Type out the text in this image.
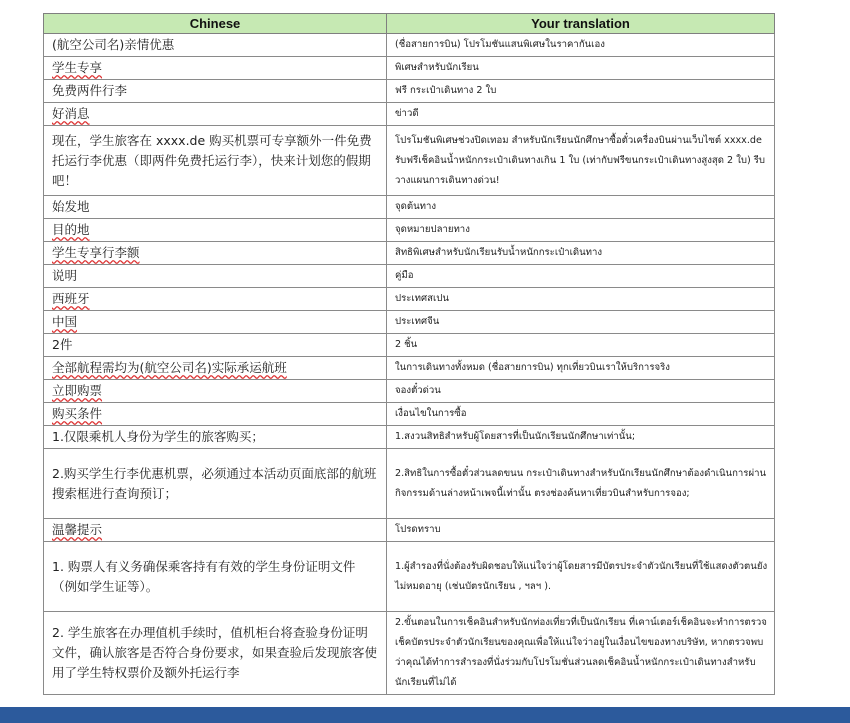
Chinese	Your translation
(航空公司名)亲情优惠	(ชื่อสายการบิน) โปรโมชันแสนพิเศษในราคากันเอง
学生专享	พิเศษสำหรับนักเรียน
免费两件行李	ฟรี กระเป๋าเดินทาง 2 ใบ
好消息	ข่าวดี
现在，学生旅客在 xxxx.de 购买机票可专享额外一件免费托运行李优惠（即两件免费托运行李），快来计划您的假期吧！	โปรโมชันพิเศษช่วงปิดเทอม สำหรับนักเรียนนักศึกษาซื้อตั๋วเครื่องบินผ่านเว็บไซต์ xxxx.de รับฟรีเช็คอินน้ำหนักกระเป๋าเดินทางเกิน 1 ใบ (เท่ากับฟรีขนกระเป๋าเดินทางสูงสุด 2 ใบ) รีบวางแผนการเดินทางด่วน!
始发地	จุดต้นทาง
目的地	จุดหมายปลายทาง
学生专享行李额	สิทธิพิเศษสำหรับนักเรียนรับน้ำหนักกระเป๋าเดินทาง
说明	คู่มือ
西班牙	ประเทศสเปน
中国	ประเทศจีน
2件	2 ชิ้น
全部航程需均为(航空公司名)实际承运航班	ในการเดินทางทั้งหมด (ชื่อสายการบิน) ทุกเที่ยวบินเราให้บริการจริง
立即购票	จองตั๋วด่วน
购买条件	เงื่อนไขในการซื้อ
1.仅限乘机人身份为学生的旅客购买；	1.สงวนสิทธิสำหรับผู้โดยสารที่เป็นนักเรียนนักศึกษาเท่านั้น;
2.购买学生行李优惠机票，必须通过本活动页面底部的航班搜索框进行查询预订；	2.สิทธิในการซื้อตั๋วส่วนลดขนน กระเป๋าเดินทางสำหรับนักเรียนนักศึกษาต้องดำเนินการผ่านกิจกรรมด้านล่างหน้าเพจนี้เท่านั้น ตรงช่องค้นหาเที่ยวบินสำหรับการจอง;
温馨提示	โปรดทราบ
1. 购票人有义务确保乘客持有有效的学生身份证明文件（例如学生证等）。	1.ผู้สำรองที่นั่งต้องรับผิดชอบให้แน่ใจว่าผู้โดยสารมีบัตรประจำตัวนักเรียนที่ใช้แสดงตัวตนยังไม่หมดอายุ (เช่นบัตรนักเรียน , ฯลฯ ).
2. 学生旅客在办理值机手续时，值机柜台将查验身份证明文件，确认旅客是否符合身份要求，如果查验后发现旅客使用了学生特权票价及额外托运行李	2.ขั้นตอนในการเช็คอินสำหรับนักท่องเที่ยวที่เป็นนักเรียน ที่เคาน์เตอร์เช็คอินจะทำการตรวจเช็คบัตรประจำตัวนักเรียนของคุณเพื่อให้แน่ใจว่าอยู่ในเงื่อนไขของทางบริษัท, หากตรวจพบว่าคุณได้ทำการสำรองที่นั่งร่วมกับโปรโมชั่นส่วนลดเช็คอินน้ำหนักกระเป๋าเดินทางสำหรับนักเรียนที่ไม่ได้
